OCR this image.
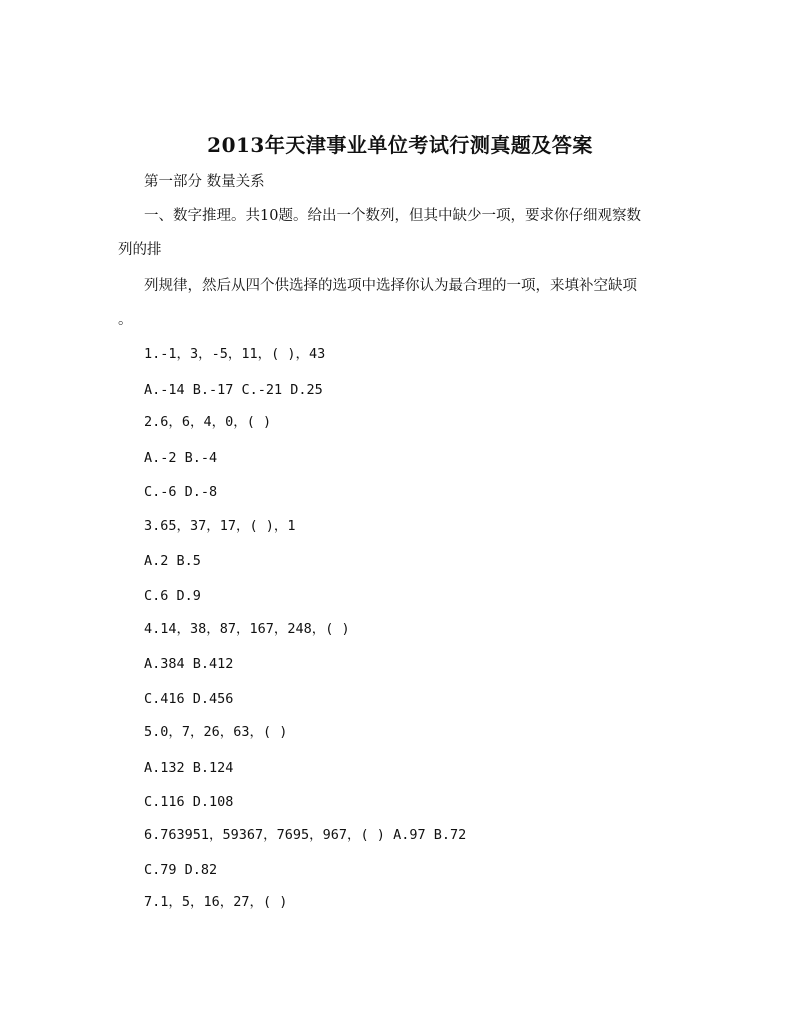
2013年天津事业单位考试行测真题及答案

第一部分 数量关系

一、数字推理。共10题。给出一个数列，但其中缺少一项，要求你仔细观察数

列的排

列规律，然后从四个供选择的选项中选择你认为最合理的一项，来填补空缺项

。

1.-1，3，-5，11，( )，43

A.-14 B.-17 C.-21 D.25

2.6，6，4，0，( )

A.-2 B.-4

C.-6 D.-8

3.65，37，17，( )，1

A.2 B.5

C.6 D.9

4.14，38，87，167，248，( )

A.384 B.412

C.416 D.456

5.0，7，26，63，( )

A.132 B.124

C.116 D.108

6.763951，59367，7695，967，( ) A.97 B.72

C.79 D.82

7.1，5，16，27，( )
